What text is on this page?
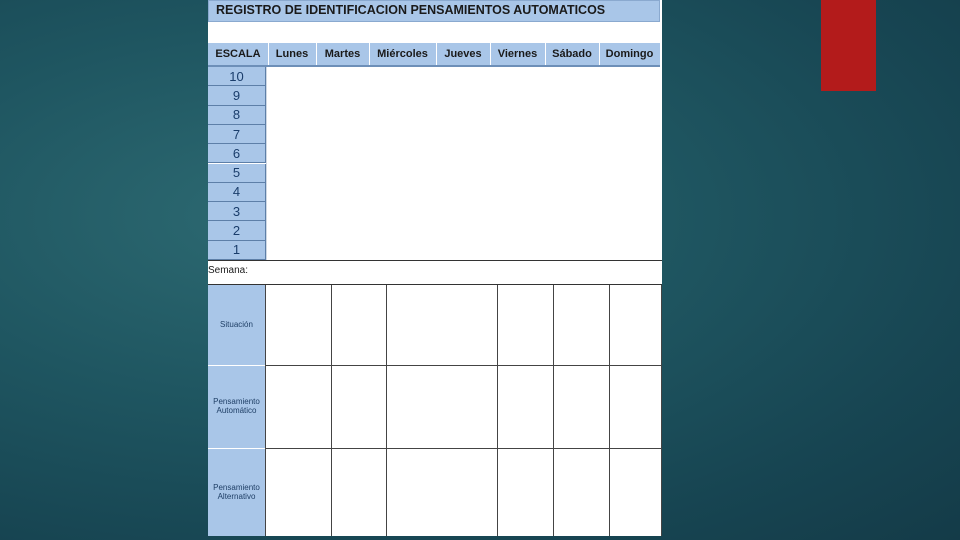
REGISTRO DE IDENTIFICACION PENSAMIENTOS AUTOMATICOS
ESCALA	Lunes	Martes	Miércoles	Jueves	Viernes	Sábado	Domingo
10
9
8
7
6
5
4
3
2
1
Semana:
Situación
Pensamiento Automático
Pensamiento Alternativo
